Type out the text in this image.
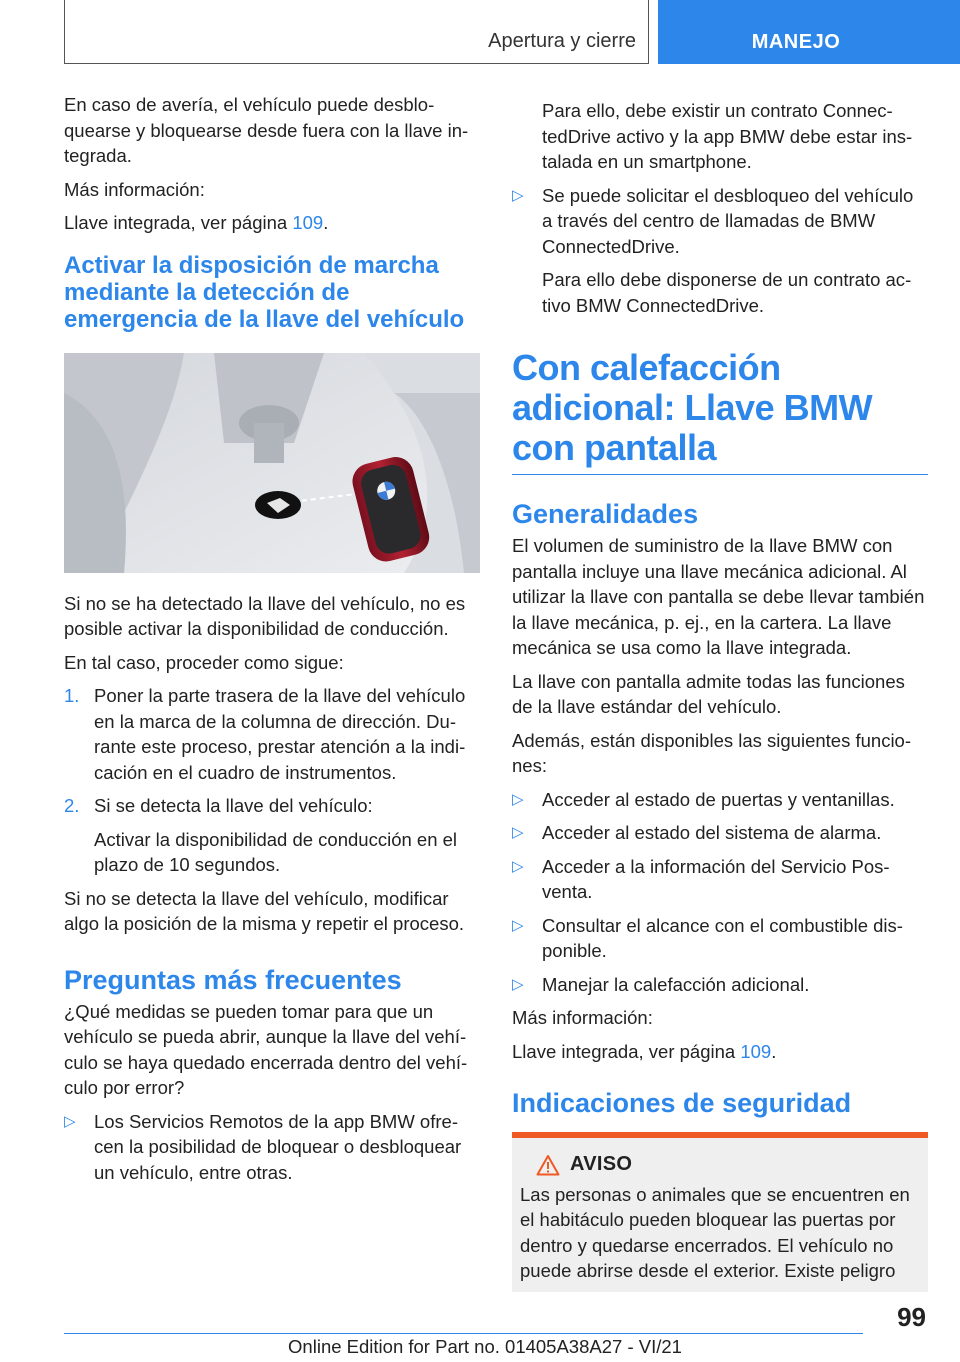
Apertura y cierre	MANEJO

En caso de avería, el vehículo puede desbloquearse y bloquearse desde fuera con la llave integrada.

Más información:

Llave integrada, ver página 109.

Activar la disposición de marcha mediante la detección de emergencia de la llave del vehículo

Si no se ha detectado la llave del vehículo, no es posible activar la disponibilidad de conducción.

En tal caso, proceder como sigue:

1. Poner la parte trasera de la llave del vehículo en la marca de la columna de dirección. Durante este proceso, prestar atención a la indicación en el cuadro de instrumentos.
2. Si se detecta la llave del vehículo:
Activar la disponibilidad de conducción en el plazo de 10 segundos.

Si no se detecta la llave del vehículo, modificar algo la posición de la misma y repetir el proceso.

Preguntas más frecuentes

¿Qué medidas se pueden tomar para que un vehículo se pueda abrir, aunque la llave del vehículo se haya quedado encerrada dentro del vehículo por error?

▷ Los Servicios Remotos de la app BMW ofrecen la posibilidad de bloquear o desbloquear un vehículo, entre otras.
Para ello, debe existir un contrato ConnectedDrive activo y la app BMW debe estar instalada en un smartphone.
▷ Se puede solicitar el desbloqueo del vehículo a través del centro de llamadas de BMW ConnectedDrive.
Para ello debe disponerse de un contrato activo BMW ConnectedDrive.
Con calefacción adicional: Llave BMW con pantalla
Generalidades

El volumen de suministro de la llave BMW con pantalla incluye una llave mecánica adicional. Al utilizar la llave con pantalla se debe llevar también la llave mecánica, p. ej., en la cartera. La llave mecánica se usa como la llave integrada.

La llave con pantalla admite todas las funciones de la llave estándar del vehículo.

Además, están disponibles las siguientes funciones:

▷ Acceder al estado de puertas y ventanillas.
▷ Acceder al estado del sistema de alarma.
▷ Acceder a la información del Servicio Posventa.
▷ Consultar el alcance con el combustible disponible.
▷ Manejar la calefacción adicional.

Más información:

Llave integrada, ver página 109.

Indicaciones de seguridad
AVISO

Las personas o animales que se encuentren en el habitáculo pueden bloquear las puertas por dentro y quedarse encerrados. El vehículo no puede abrirse desde el exterior. Existe peligro

99
Online Edition for Part no. 01405A38A27 - VI/21
